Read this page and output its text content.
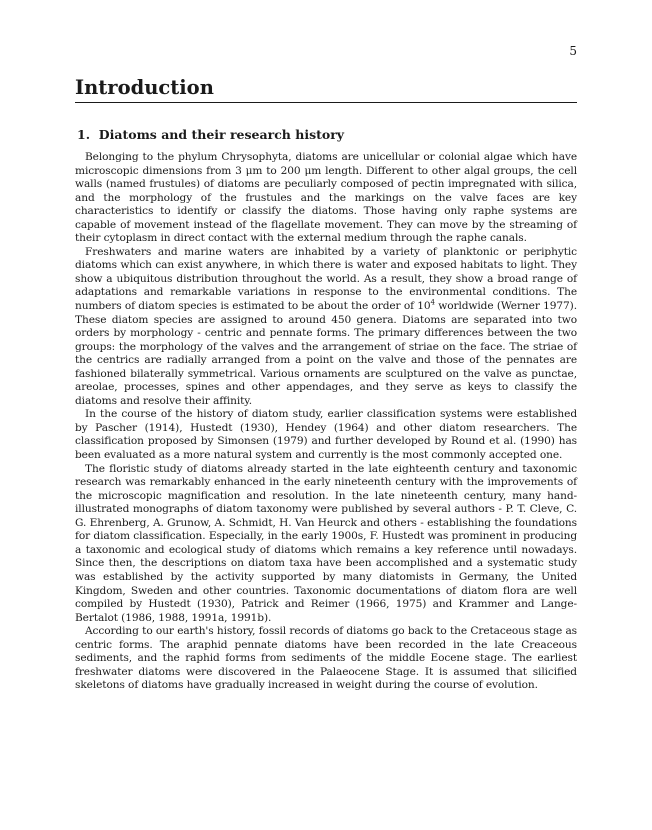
5
Introduction
1. Diatoms and their research history

Belonging to the phylum Chrysophyta, diatoms are unicellular or colonial algae which have microscopic dimensions from 3 μm to 200 μm length. Different to other algal groups, the cell walls (named frustules) of diatoms are peculiarly composed of pectin impregnated with silica, and the morphology of the frustules and the markings on the valve faces are key characteristics to identify or classify the diatoms. Those having only raphe systems are capable of movement instead of the flagellate movement. They can move by the streaming of their cytoplasm in direct contact with the external medium through the raphe canals.

Freshwaters and marine waters are inhabited by a variety of planktonic or periphytic diatoms which can exist anywhere, in which there is water and exposed habitats to light. They show a ubiquitous distribution throughout the world. As a result, they show a broad range of adaptations and remarkable variations in response to the environmental conditions. The numbers of diatom species is estimated to be about the order of $10^4$ worldwide (Werner 1977). These diatom species are assigned to around 450 genera. Diatoms are separated into two orders by morphology - centric and pennate forms. The primary differences between the two groups: the morphology of the valves and the arrangement of striae on the face. The striae of the centrics are radially arranged from a point on the valve and those of the pennates are fashioned bilaterally symmetrical. Various ornaments are sculptured on the valve as punctae, areolae, processes, spines and other appendages, and they serve as keys to classify the diatoms and resolve their affinity.

In the course of the history of diatom study, earlier classification systems were established by Pascher (1914), Hustedt (1930), Hendey (1964) and other diatom researchers. The classification proposed by Simonsen (1979) and further developed by Round et al. (1990) has been evaluated as a more natural system and currently is the most commonly accepted one.

The floristic study of diatoms already started in the late eighteenth century and taxonomic research was remarkably enhanced in the early nineteenth century with the improvements of the microscopic magnification and resolution. In the late nineteenth century, many hand-illustrated monographs of diatom taxonomy were published by several authors - P. T. Cleve, C. G. Ehrenberg, A. Grunow, A. Schmidt, H. Van Heurck and others - establishing the foundations for diatom classification. Especially, in the early 1900s, F. Hustedt was prominent in producing a taxonomic and ecological study of diatoms which remains a key reference until nowadays. Since then, the descriptions on diatom taxa have been accomplished and a systematic study was established by the activity supported by many diatomists in Germany, the United Kingdom, Sweden and other countries. Taxonomic documentations of diatom flora are well compiled by Hustedt (1930), Patrick and Reimer (1966, 1975) and Krammer and Lange-Bertalot (1986, 1988, 1991a, 1991b).

According to our earth's history, fossil records of diatoms go back to the Cretaceous stage as centric forms. The araphid pennate diatoms have been recorded in the late Creaceous sediments, and the raphid forms from sediments of the middle Eocene stage. The earliest freshwater diatoms were discovered in the Palaeocene Stage. It is assumed that silicified skeletons of diatoms have gradually increased in weight during the course of evolution.
